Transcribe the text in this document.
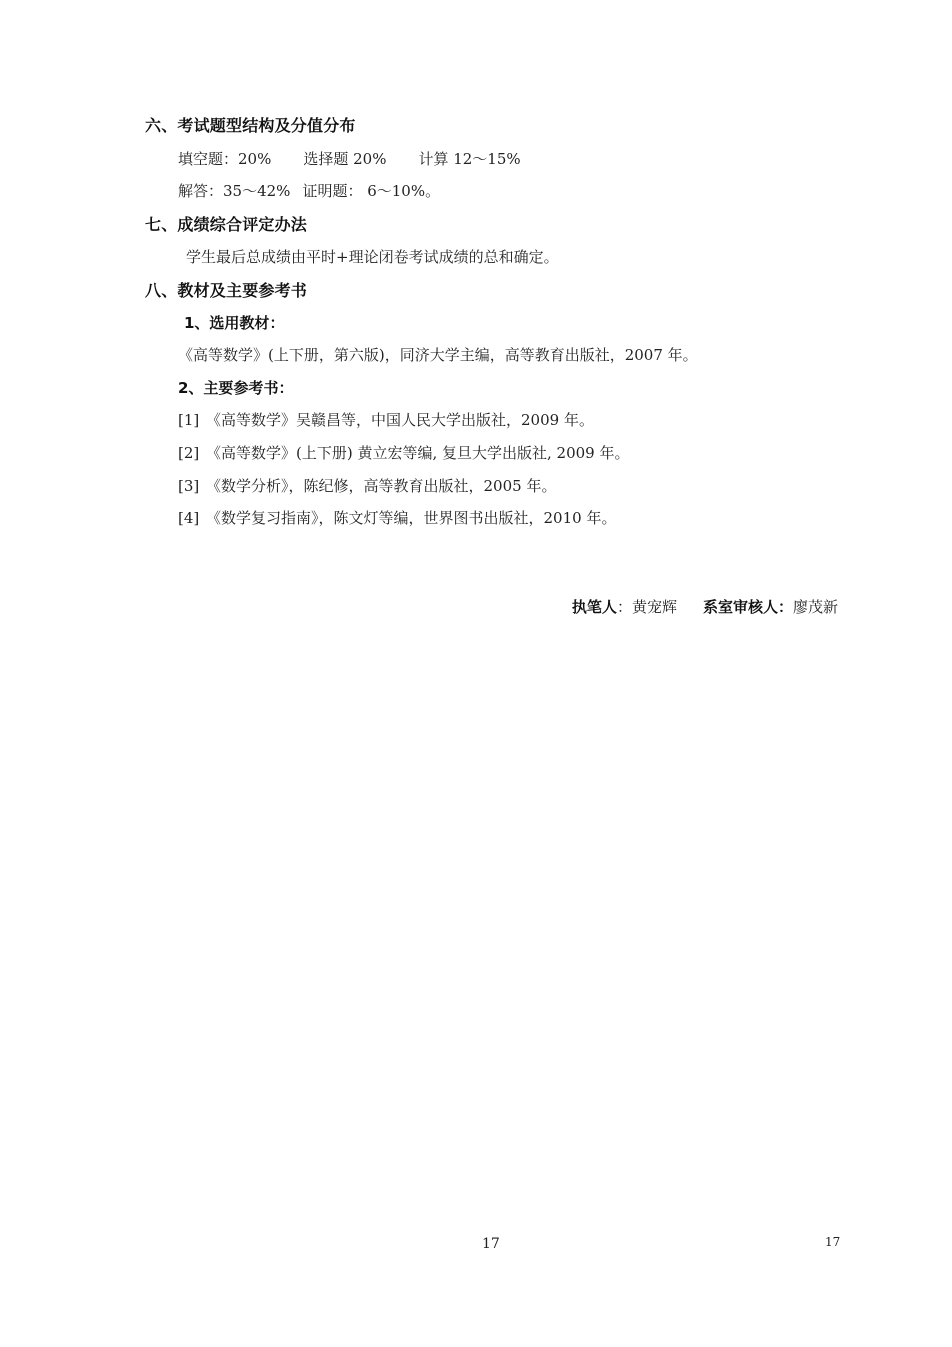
六、考试题型结构及分值分布
填空题：20% 选择题 20% 计算 12～15%
解答：35～42% 证明题： 6～10%。
七、成绩综合评定办法
学生最后总成绩由平时+理论闭卷考试成绩的总和确定。
八、教材及主要参考书
1、选用教材：
《高等数学》(上下册，第六版)，同济大学主编，高等教育出版社，2007 年。
2、主要参考书：
[1] 《高等数学》吴赣昌等，中国人民大学出版社，2009 年。
[2] 《高等数学》(上下册) 黄立宏等编, 复旦大学出版社, 2009 年。
[3] 《数学分析》，陈纪修，高等教育出版社，2005 年。
[4] 《数学复习指南》，陈文灯等编，世界图书出版社，2010 年。
执笔人：黄宠辉 系室审核人：廖茂新
17	17
